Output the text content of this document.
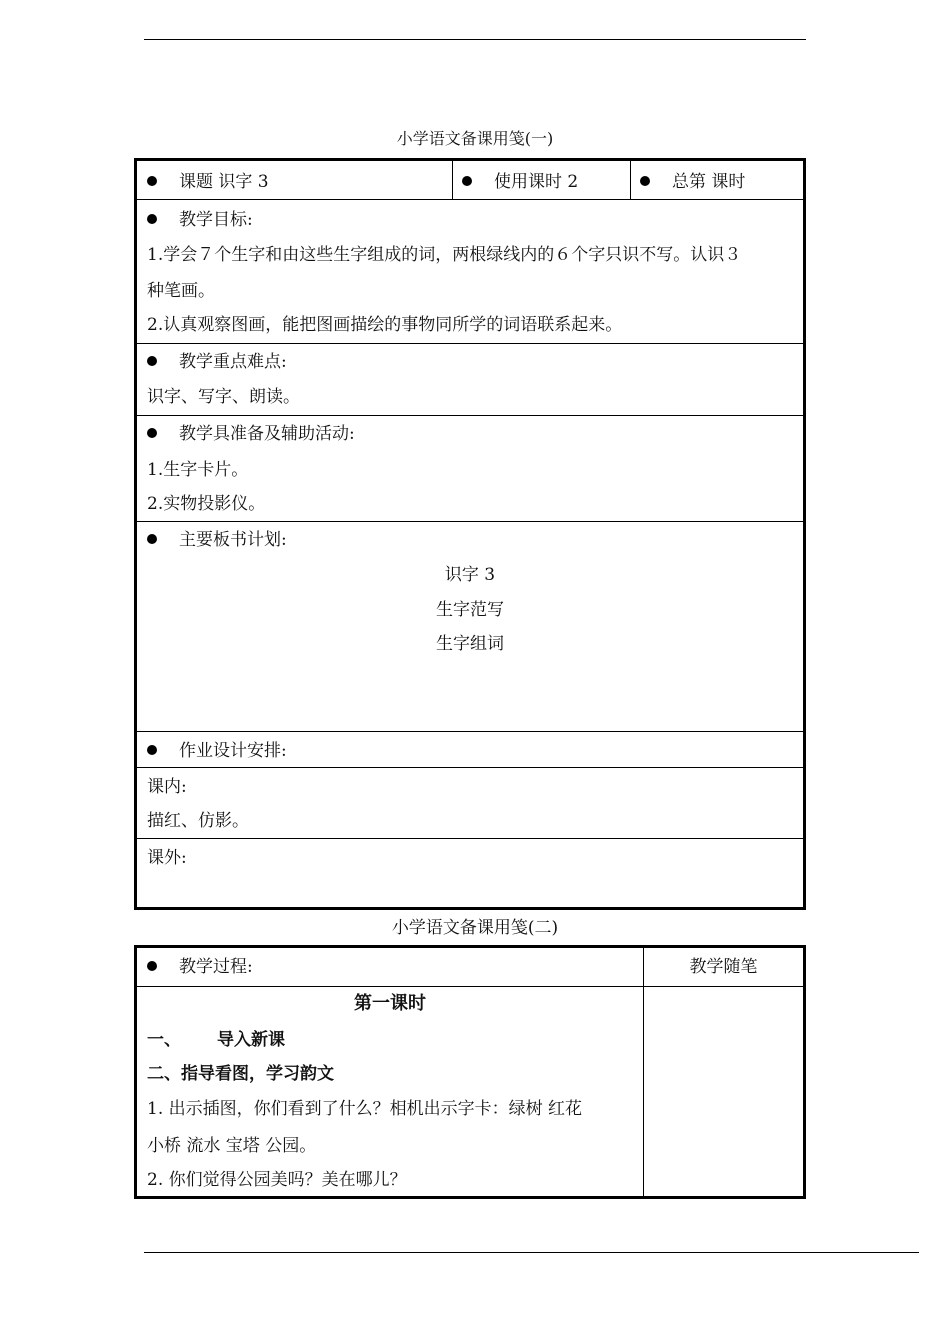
小学语文备课用笺(一)
课题 识字 3	使用课时 2	总第 课时
教学目标:
1.学会７个生字和由这些生字组成的词，两根绿线内的６个字只识不写。认识３
种笔画。
2.认真观察图画，能把图画描绘的事物同所学的词语联系起来。
教学重点难点:
识字、写字、朗读。
教学具准备及辅助活动:
1.生字卡片。
2.实物投影仪。
主要板书计划:
识字 3
生字范写
生字组词
作业设计安排:
课内:
描红、仿影。
课外:
小学语文备课用笺(二)
教学过程:	教学随笔
第一课时
一、 导入新课
二、指导看图，学习韵文
1. 出示插图，你们看到了什么？相机出示字卡：绿树 红花
小桥 流水 宝塔 公园。
2. 你们觉得公园美吗？美在哪儿？
